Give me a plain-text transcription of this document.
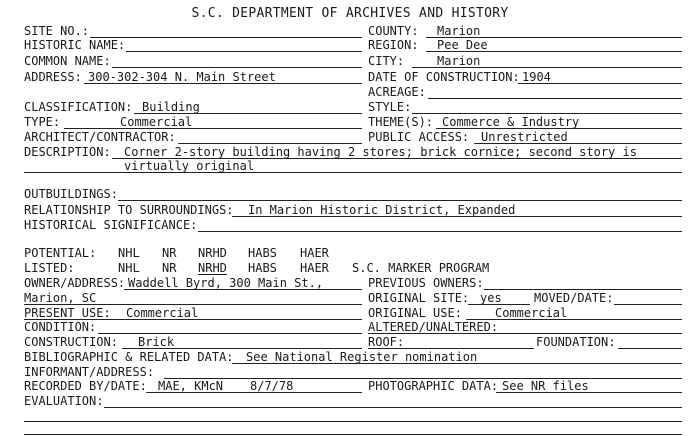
S.C. DEPARTMENT OF ARCHIVES AND HISTORY
SITE NO.:
HISTORIC NAME:
COMMON NAME:
ADDRESS: 300-302-304 N. Main Street
COUNTY: Marion
REGION: Pee Dee
CITY:	Marion
DATE OF CONSTRUCTION: 1904
ACREAGE:
CLASSIFICATION: Building
TYPE:	Commercial
ARCHITECT/CONTRACTOR:
STYLE:
THEME(S): Commerce & Industry
PUBLIC ACCESS: Unrestricted
DESCRIPTION: Corner 2-story building having 2 stores; brick cornice; second story is
virtually original
OUTBUILDINGS:
RELATIONSHIP TO SURROUNDINGS: In Marion Historic District, Expanded
HISTORICAL SIGNIFICANCE:
POTENTIAL: NHL NR NRHD HABS HAER
LISTED:	NHL NR NRHD HABS HAER S.C. MARKER PROGRAM
OWNER/ADDRESS: Waddell Byrd, 300 Main St.,
Marion, SC
PREVIOUS OWNERS:
ORIGINAL SITE: yes	MOVED/DATE:
PRESENT USE: Commercial	ORIGINAL USE:	Commercial
CONDITION:	ALTERED/UNALTERED:
CONSTRUCTION: Brick	ROOF:	FOUNDATION:
BIBLIOGRAPHIC & RELATED DATA: See National Register nomination
INFORMANT/ADDRESS:
RECORDED BY/DATE: MAE, KMcN 8/7/78	PHOTOGRAPHIC DATA: See NR files
EVALUATION:
